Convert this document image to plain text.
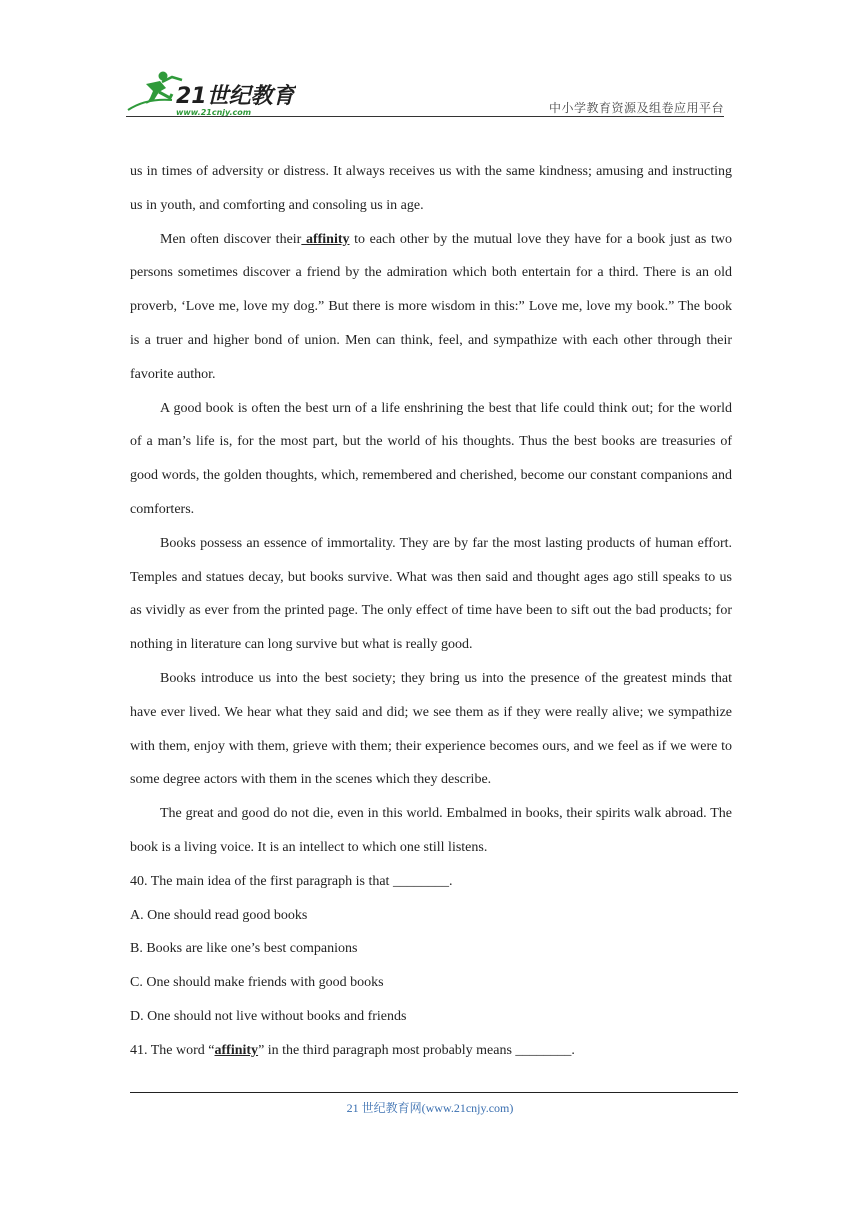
21世纪教育
www.21cnjy.com	中小学教育资源及组卷应用平台

us in times of adversity or distress. It always receives us with the same kindness; amusing and instructing us in youth, and comforting and consoling us in age.

Men often discover their affinity to each other by the mutual love they have for a book just as two persons sometimes discover a friend by the admiration which both entertain for a third. There is an old proverb, ‘Love me, love my dog.” But there is more wisdom in this:” Love me, love my book.” The book is a truer and higher bond of union. Men can think, feel, and sympathize with each other through their favorite author.

A good book is often the best urn of a life enshrining the best that life could think out; for the world of a man’s life is, for the most part, but the world of his thoughts. Thus the best books are treasuries of good words, the golden thoughts, which, remembered and cherished, become our constant companions and comforters.

Books possess an essence of immortality. They are by far the most lasting products of human effort. Temples and statues decay, but books survive. What was then said and thought ages ago still speaks to us as vividly as ever from the printed page. The only effect of time have been to sift out the bad products; for nothing in literature can long survive but what is really good.

Books introduce us into the best society; they bring us into the presence of the greatest minds that have ever lived. We hear what they said and did; we see them as if they were really alive; we sympathize with them, enjoy with them, grieve with them; their experience becomes ours, and we feel as if we were to some degree actors with them in the scenes which they describe.

The great and good do not die, even in this world. Embalmed in books, their spirits walk abroad. The book is a living voice. It is an intellect to which one still listens.

40. The main idea of the first paragraph is that ________.

A. One should read good books

B. Books are like one’s best companions

C. One should make friends with good books

D. One should not live without books and friends

41. The word “affinity” in the third paragraph most probably means ________.

21 世纪教育网(www.21cnjy.com)
